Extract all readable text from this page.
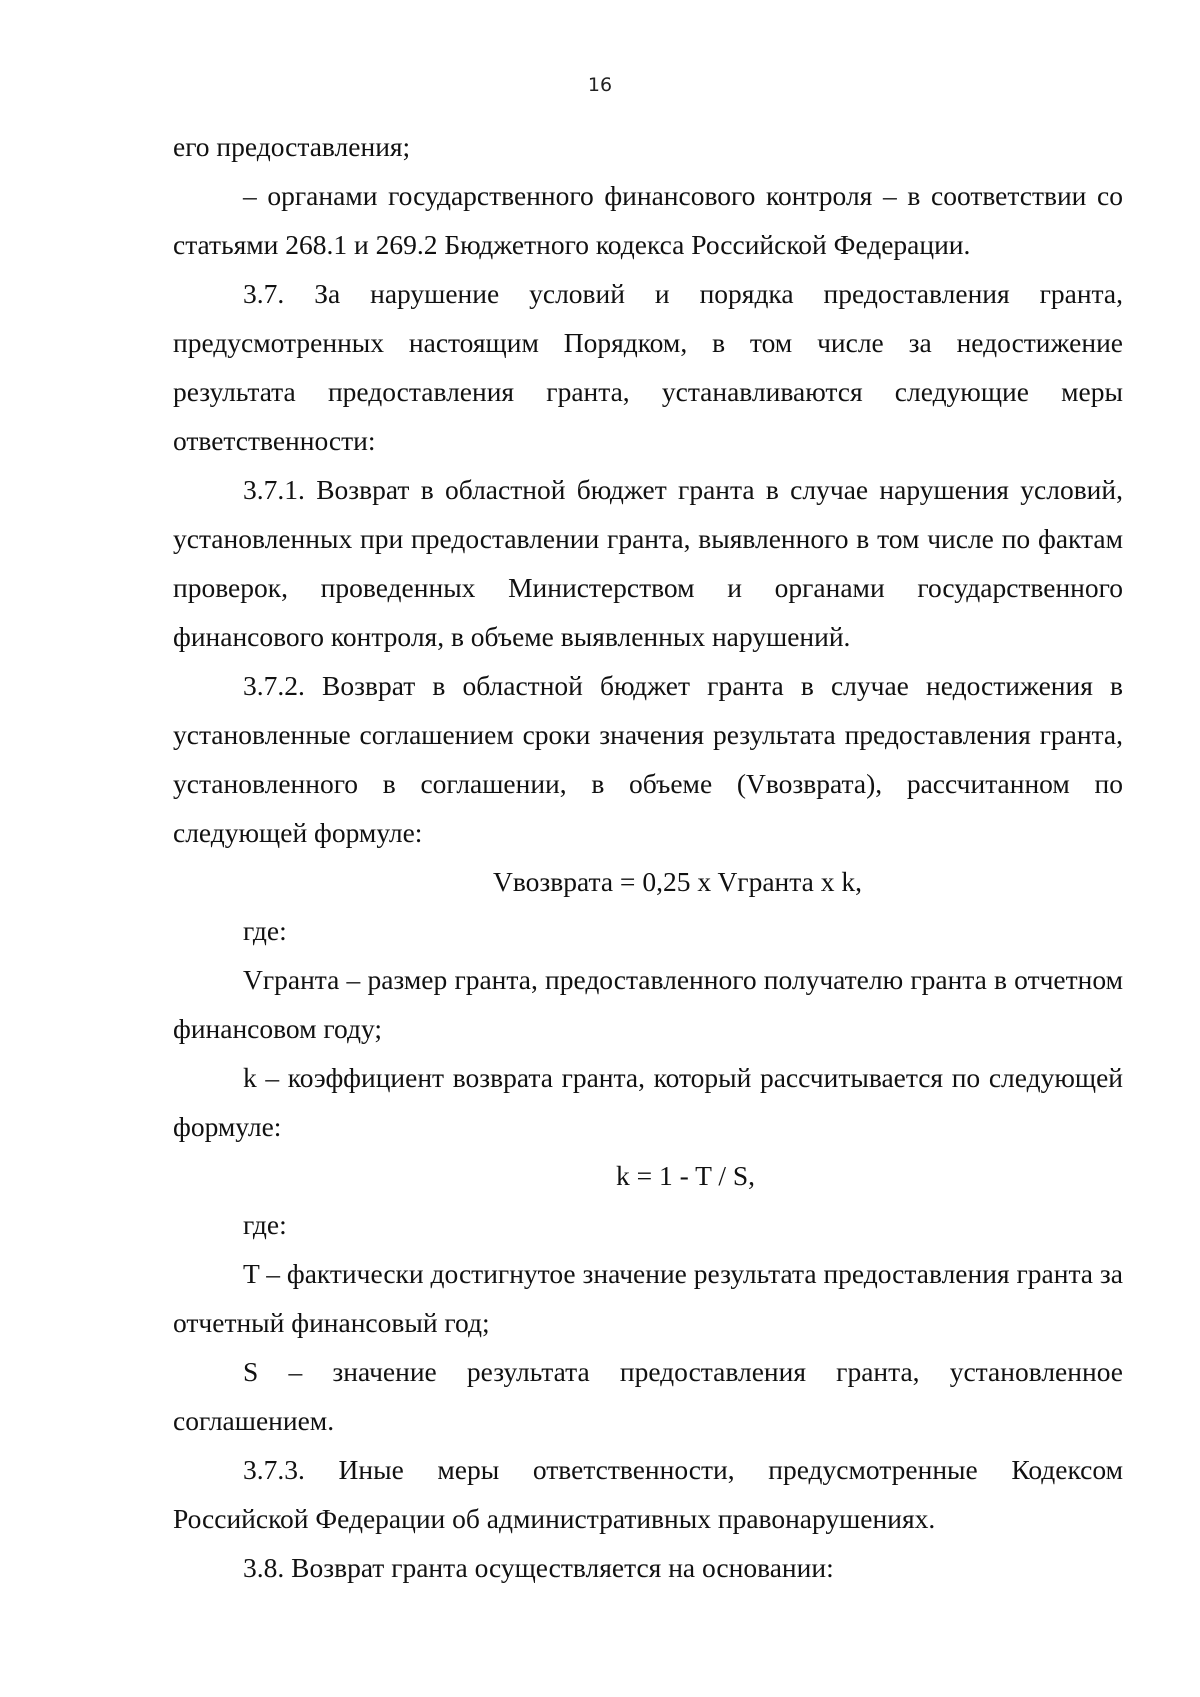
16

его предоставления;

– органами государственного финансового контроля – в соответствии со статьями 268.1 и 269.2 Бюджетного кодекса Российской Федерации.

3.7. За нарушение условий и порядка предоставления гранта, предусмотренных настоящим Порядком, в том числе за недостижение результата предоставления гранта, устанавливаются следующие меры ответственности:

3.7.1. Возврат в областной бюджет гранта в случае нарушения условий, установленных при предоставлении гранта, выявленного в том числе по фактам проверок, проведенных Министерством и органами государственного финансового контроля, в объеме выявленных нарушений.

3.7.2. Возврат в областной бюджет гранта в случае недостижения в установленные соглашением сроки значения результата предоставления гранта, установленного в соглашении, в объеме (Vвозврата), рассчитанном по следующей формуле:

Vвозврата = 0,25 x Vгранта x k,

где:

Vгранта – размер гранта, предоставленного получателю гранта в отчетном финансовом году;

k – коэффициент возврата гранта, который рассчитывается по следующей формуле:

k = 1 - T / S,

где:

T – фактически достигнутое значение результата предоставления гранта за отчетный финансовый год;

S – значение результата предоставления гранта, установленное соглашением.

3.7.3. Иные меры ответственности, предусмотренные Кодексом Российской Федерации об административных правонарушениях.

3.8. Возврат гранта осуществляется на основании:
